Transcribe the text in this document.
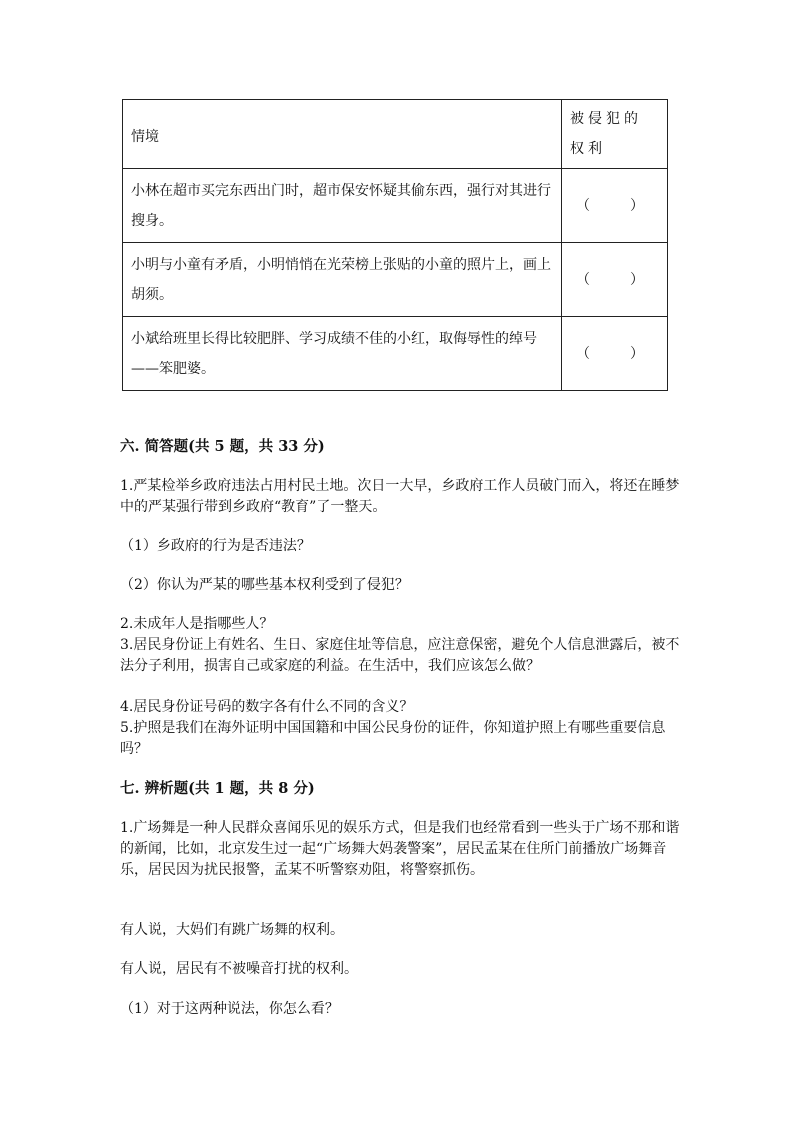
情境	被侵犯的权利
小林在超市买完东西出门时，超市保安怀疑其偷东西，强行对其进行搜身。	（ ）
小明与小童有矛盾，小明悄悄在光荣榜上张贴的小童的照片上，画上胡须。	（ ）
小斌给班里长得比较肥胖、学习成绩不佳的小红，取侮辱性的绰号——笨肥婆。	（ ）
六. 简答题(共 5 题，共 33 分)
1.严某检举乡政府违法占用村民土地。次日一大早，乡政府工作人员破门而入，将还在睡梦中的严某强行带到乡政府“教育”了一整天。
（1）乡政府的行为是否违法？
（2）你认为严某的哪些基本权利受到了侵犯？
2.未成年人是指哪些人？
3.居民身份证上有姓名、生日、家庭住址等信息，应注意保密，避免个人信息泄露后，被不法分子利用，损害自己或家庭的利益。在生活中，我们应该怎么做？
4.居民身份证号码的数字各有什么不同的含义？
5.护照是我们在海外证明中国国籍和中国公民身份的证件，你知道护照上有哪些重要信息吗？
七. 辨析题(共 1 题，共 8 分)
1.广场舞是一种人民群众喜闻乐见的娱乐方式，但是我们也经常看到一些头于广场不那和谐的新闻，比如，北京发生过一起“广场舞大妈袭警案”，居民孟某在住所门前播放广场舞音乐，居民因为扰民报警，孟某不听警察劝阻，将警察抓伤。
有人说，大妈们有跳广场舞的权利。
有人说，居民有不被噪音打扰的权利。
（1）对于这两种说法，你怎么看？
